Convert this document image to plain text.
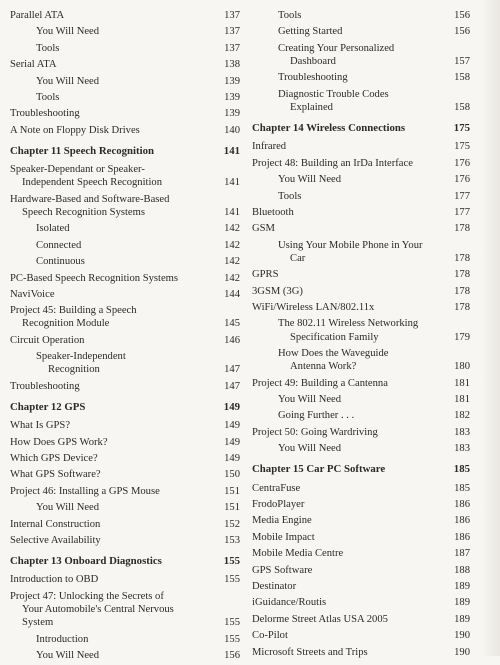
Parallel ATA	137
You Will Need	137
Tools	137
Serial ATA	138
You Will Need	139
Tools	139
Troubleshooting	139
A Note on Floppy Disk Drives	140
Chapter 11 Speech Recognition	141
Speaker-Dependant or Speaker-
Independent Speech Recognition	141
Hardware-Based and Software-Based
Speech Recognition Systems	141
Isolated	142
Connected	142
Continuous	142
PC-Based Speech Recognition Systems	142
NaviVoice	144
Project 45: Building a Speech
Recognition Module	145
Circuit Operation	146
Speaker-Independent
Recognition	147
Troubleshooting	147
Chapter 12 GPS	149
What Is GPS?	149
How Does GPS Work?	149
Which GPS Device?	149
What GPS Software?	150
Project 46: Installing a GPS Mouse	151
You Will Need	151
Internal Construction	152
Selective Availability	153
Chapter 13 Onboard Diagnostics	155
Introduction to OBD	155
Project 47: Unlocking the Secrets of
Your Automobile's Central Nervous
System	155
Introduction	155
You Will Need	156
Tools	156
Getting Started	156
Creating Your Personalized
Dashboard	157
Troubleshooting	158
Diagnostic Trouble Codes
Explained	158
Chapter 14 Wireless Connections	175
Infrared	175
Project 48: Building an IrDa Interface	176
You Will Need	176
Tools	177
Bluetooth	177
GSM	178
Using Your Mobile Phone in Your
Car	178
GPRS	178
3GSM (3G)	178
WiFi/Wireless LAN/802.11x	178
The 802.11 Wireless Networking
Specification Family	179
How Does the Waveguide
Antenna Work?	180
Project 49: Building a Cantenna	181
You Will Need	181
Going Further . . .	182
Project 50: Going Wardriving	183
You Will Need	183
Chapter 15 Car PC Software	185
CentraFuse	185
FrodoPlayer	186
Media Engine	186
Mobile Impact	186
Mobile Media Centre	187
GPS Software	188
Destinator	189
iGuidance/Routis	189
Delorme Street Atlas USA 2005	189
Co-Pilot	190
Microsoft Streets and Trips	190
